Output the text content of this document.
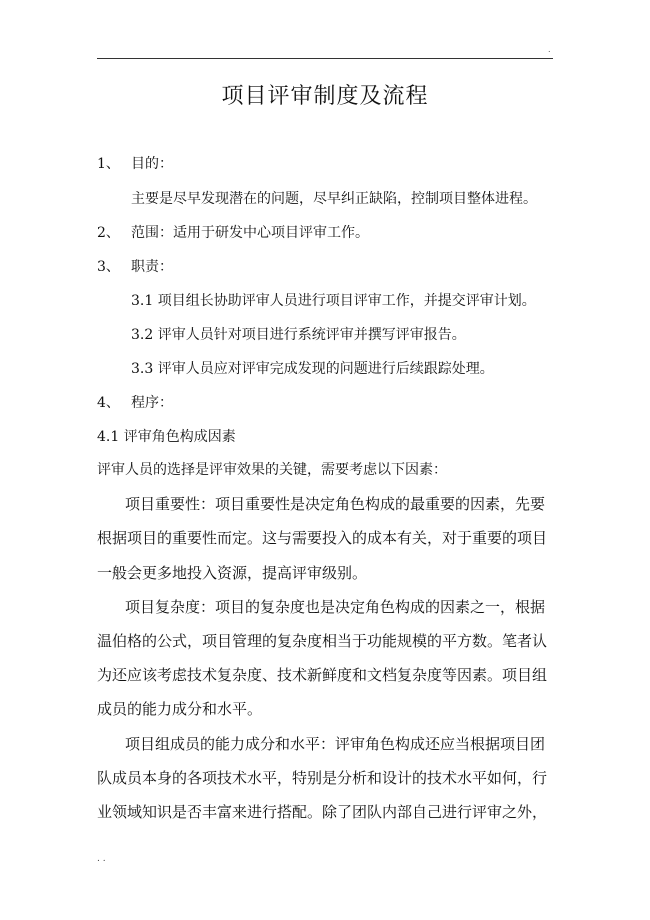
.
项目评审制度及流程
1、 目的：
主要是尽早发现潜在的问题，尽早纠正缺陷，控制项目整体进程。
2、 范围：适用于研发中心项目评审工作。
3、 职责：
3.1 项目组长协助评审人员进行项目评审工作，并提交评审计划。
3.2 评审人员针对项目进行系统评审并撰写评审报告。
3.3 评审人员应对评审完成发现的问题进行后续跟踪处理。
4、 程序：
4.1 评审角色构成因素
评审人员的选择是评审效果的关键，需要考虑以下因素：
项目重要性：项目重要性是决定角色构成的最重要的因素，先要
根据项目的重要性而定。这与需要投入的成本有关，对于重要的项目
一般会更多地投入资源，提高评审级别。
项目复杂度：项目的复杂度也是决定角色构成的因素之一，根据
温伯格的公式，项目管理的复杂度相当于功能规模的平方数。笔者认
为还应该考虑技术复杂度、技术新鲜度和文档复杂度等因素。项目组
成员的能力成分和水平。
项目组成员的能力成分和水平：评审角色构成还应当根据项目团
队成员本身的各项技术水平，特别是分析和设计的技术水平如何，行
业领域知识是否丰富来进行搭配。除了团队内部自己进行评审之外，
. .
